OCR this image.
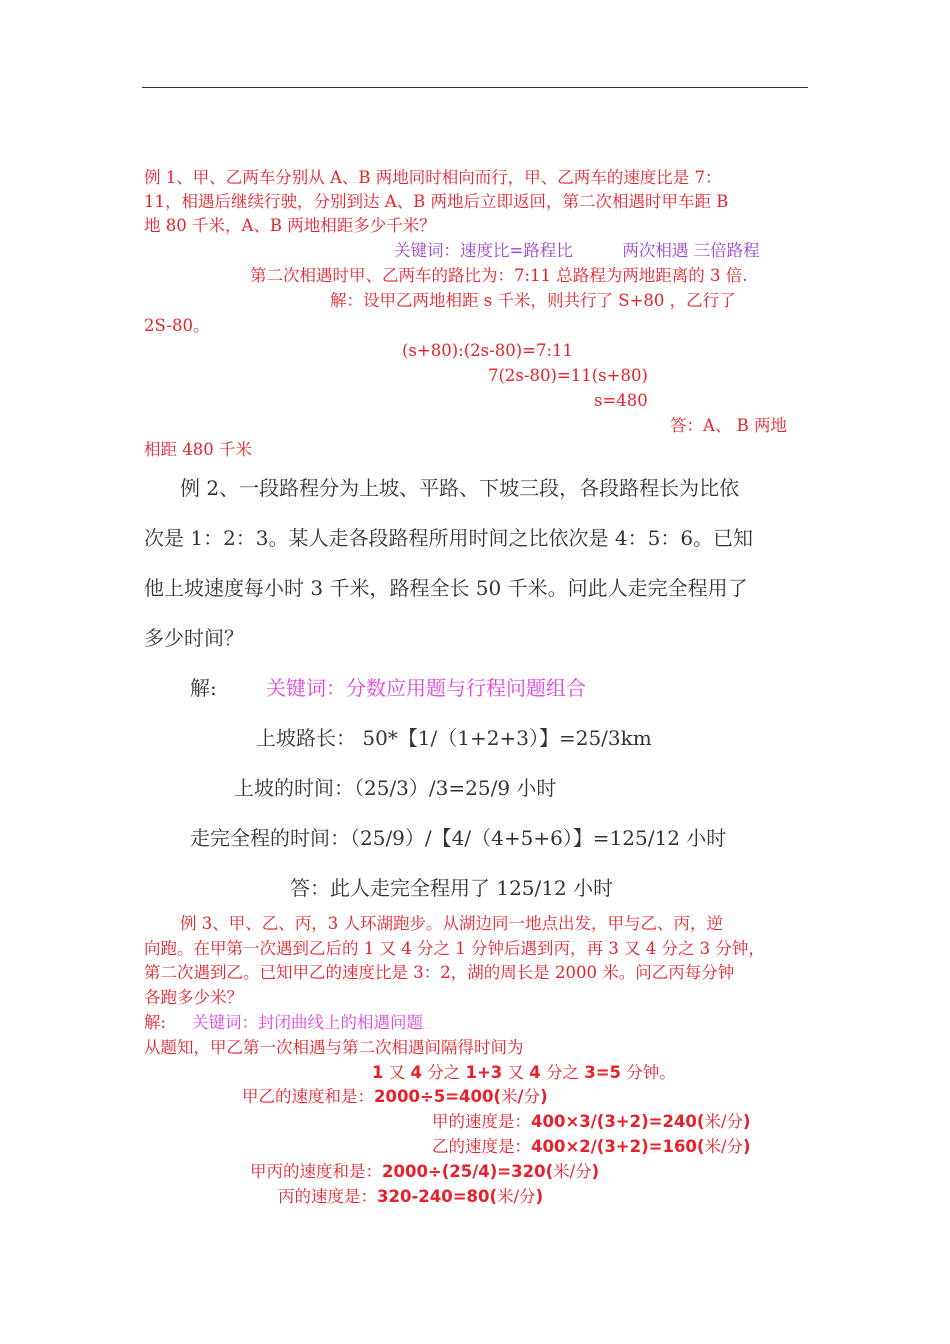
例 1、甲、乙两车分别从 A、B 两地同时相向而行，甲、乙两车的速度比是 7：
11，相遇后继续行驶，分别到达 A、B 两地后立即返回，第二次相遇时甲车距 B
地 80 千米，A、B 两地相距多少千米？
关键词：速度比=路程比　　　两次相遇 三倍路程
第二次相遇时甲、乙两车的路比为：7:11 总路程为两地距离的 3 倍.
解：设甲乙两地相距 s 千米，则共行了 S+80 ，乙行了
2S-80。
(s+80):(2s-80)=7:11
7(2s-80)=11(s+80)
s=480
答：A、 B 两地
相距 480 千米
例 2、一段路程分为上坡、平路、下坡三段，各段路程长为比依
次是 1：2：3。某人走各段路程所用时间之比依次是 4：5：6。已知
他上坡速度每小时 3 千米，路程全长 50 千米。问此人走完全程用了
多少时间？
解: 关键词：分数应用题与行程问题组合
上坡路长： 50*【1/（1+2+3）】=25/3km
上坡的时间：（25/3）/3=25/9 小时
走完全程的时间：（25/9）/【4/（4+5+6）】=125/12 小时
答：此人走完全程用了 125/12 小时
例 3、甲、乙、丙，3 人环湖跑步。从湖边同一地点出发，甲与乙、丙，逆
向跑。在甲第一次遇到乙后的 1 又 4 分之 1 分钟后遇到丙，再 3 又 4 分之 3 分钟，
第二次遇到乙。已知甲乙的速度比是 3：2，湖的周长是 2000 米。问乙丙每分钟
各跑多少米？
解: 关键词：封闭曲线上的相遇问题
从题知，甲乙第一次相遇与第二次相遇间隔得时间为
1 又 4 分之 1+3 又 4 分之 3=5 分钟。
甲乙的速度和是：2000÷5=400(米/分)
甲的速度是：400×3/(3+2)=240(米/分)
乙的速度是：400×2/(3+2)=160(米/分)
甲丙的速度和是：2000÷(25/4)=320(米/分)
丙的速度是：320-240=80(米/分)
